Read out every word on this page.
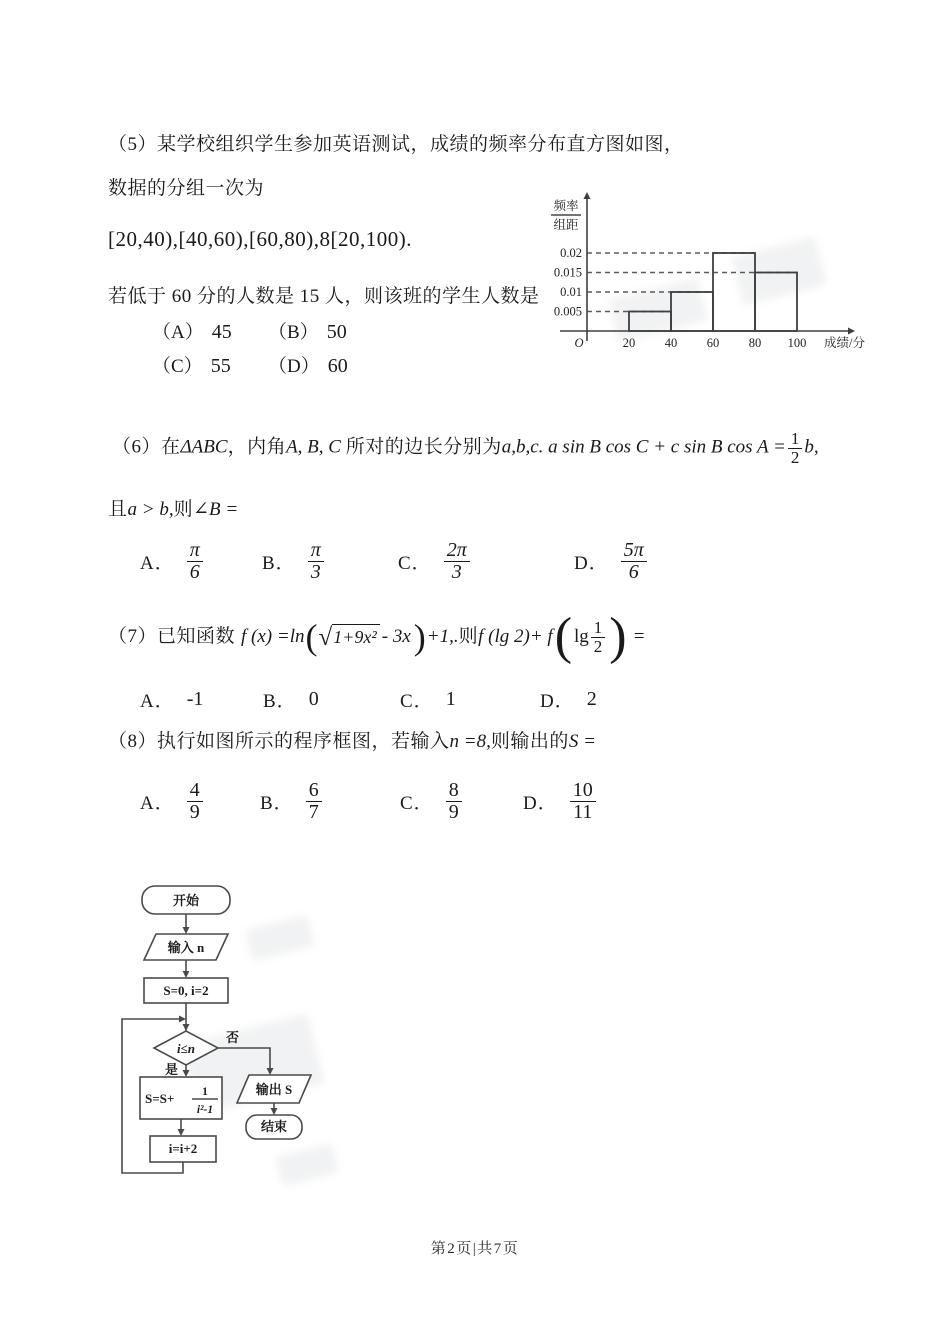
（5）某学校组织学生参加英语测试，成绩的频率分布直方图如图，
数据的分组一次为
[20,40),[40,60),[60,80),8[20,100).
若低于 60 分的人数是 15 人，则该班的学生人数是
（A） 45 （B） 50
（C） 55 （D） 60
0.005
0.01
0.015
0.02
20 40 60 80 100
O	成绩/分
频率
组距
（6）在ΔABC，内角A, B, C 所对的边长分别为a,b,c. a sin B cos C + c sin B $\cos A = \frac{1}{2} b$,
且a > b,则∠B =
A． $\frac{\pi}{6}$	B． $\frac{\pi}{3}$	C． $\frac{2\pi}{3}$	D． $\frac{5\pi}{6}$
（7）已知函数 f (x) =ln ( √ 1+9x² - 3x ) +1,. 则 f (lg 2)+ f ( $\lg \frac{1}{2}$ ) =
A． -1	B． 0	C． 1	D． 2
（8）执行如图所示的程序框图，若输入n =8,则输出的S =
A． $\frac{4}{9}$	B． $\frac{6}{7}$	C． $\frac{8}{9}$	D． $\frac{10}{11}$
开始
输入 n
S=0, i=2
i≤n
否
是
S=S+ 1
i²-1
i=i+2
输出 S
结束
第2页|共7页
